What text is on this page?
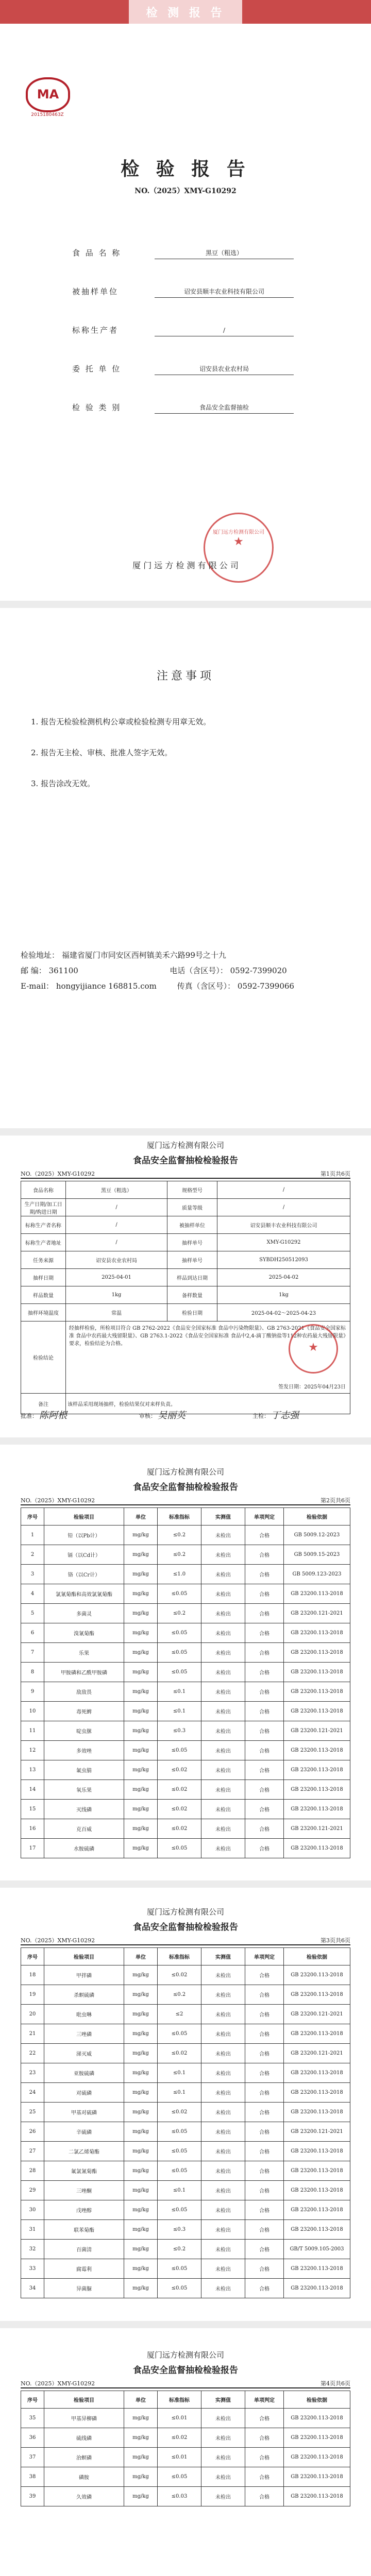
检 测 报 告
MA
2015180463Z
检 验 报 告
NO.（2025）XMY-G10292
食 品 名 称	黑豆（粗选）
被抽样单位	诏安县顺丰农业科技有限公司
标称生产者	/
委 托 单 位	诏安县农业农村局
检 验 类 别	食品安全监督抽检
厦门远方检测有限公司
★
厦 门 远 方 检 测 有 限 公 司
注意事项
1. 报告无检验检测机构公章或检验检测专用章无效。
2. 报告无主检、审核、批准人签字无效。
3. 报告涂改无效。
检验地址： 福建省厦门市同安区西柯镇美禾六路99号之十九
邮 编： 361100	电话（含区号）： 0592-7399020
E-mail： hongyijiance 168815.com	传真（含区号）： 0592-7399066
厦门远方检测有限公司
食品安全监督抽检检验报告
NO.（2025）XMY-G10292	第1页共6页
食品名称	黑豆（粗选）	规格型号	/
生产日期/加工日期/购进日期	/	质量等级	/
标称生产者名称	/	被抽样单位	诏安县顺丰农业科技有限公司
标称生产者地址	/	抽样单号	XMY-G10292
任务来源	诏安县农业农村局	抽样单号	SYBDH250512093
抽样日期	2025-04-01	样品到达日期	2025-04-02
样品数量	1kg	备样数量	1kg
抽样环境温度	常温	检验日期	2025-04-02～2025-04-23
检验结论	经抽样检验，所检项目符合 GB 2762-2022《食品安全国家标准 食品中污染物限量》、GB 2763-2021《食品安全国家标准 食品中农药最大残留限量》、GB 2763.1-2022《食品安全国家标准 食品中2,4-滴丁酸钠盐等112种农药最大残留限量》要求，检验结论为合格。
签发日期：2025年04月23日		

备注	该样品采用现场抽样，检验结果仅对来样负责。		
★
批准： 陈阿根	审核： 吴丽英	主检： 丁志强
厦门远方检测有限公司
食品安全监督抽检检验报告
NO.（2025）XMY-G10292	第2页共6页
序号	检验项目	单位	标准指标	实测值	单项判定	检验依据
1	铅（以Pb计）	mg/kg	≤0.2	未检出	合格	GB 5009.12-2023
2	镉（以Cd计）	mg/kg	≤0.2	未检出	合格	GB 5009.15-2023
3	铬（以Cr计）	mg/kg	≤1.0	未检出	合格	GB 5009.123-2023
4	氯氰菊酯和高效氯氰菊酯	mg/kg	≤0.05	未检出	合格	GB 23200.113-2018
5	多菌灵	mg/kg	≤0.2	未检出	合格	GB 23200.121-2021
6	溴氰菊酯	mg/kg	≤0.05	未检出	合格	GB 23200.113-2018
7	乐果	mg/kg	≤0.05	未检出	合格	GB 23200.113-2018
8	甲胺磷和乙酰甲胺磷	mg/kg	≤0.05	未检出	合格	GB 23200.113-2018
9	敌敌畏	mg/kg	≤0.1	未检出	合格	GB 23200.113-2018
10	毒死蜱	mg/kg	≤0.1	未检出	合格	GB 23200.113-2018
11	啶虫脒	mg/kg	≤0.3	未检出	合格	GB 23200.121-2021
12	多效唑	mg/kg	≤0.05	未检出	合格	GB 23200.113-2018
13	氟虫腈	mg/kg	≤0.02	未检出	合格	GB 23200.113-2018
14	氧乐果	mg/kg	≤0.02	未检出	合格	GB 23200.113-2018
15	灭线磷	mg/kg	≤0.02	未检出	合格	GB 23200.113-2018
16	克百威	mg/kg	≤0.02	未检出	合格	GB 23200.121-2021
17	水胺硫磷	mg/kg	≤0.05	未检出	合格	GB 23200.113-2018
厦门远方检测有限公司
食品安全监督抽检检验报告
NO.（2025）XMY-G10292	第3页共6页
序号	检验项目	单位	标准指标	实测值	单项判定	检验依据
18	甲拌磷	mg/kg	≤0.02	未检出	合格	GB 23200.113-2018
19	杀螟硫磷	mg/kg	≤0.2	未检出	合格	GB 23200.113-2018
20	吡虫啉	mg/kg	≤2	未检出	合格	GB 23200.121-2021
21	三唑磷	mg/kg	≤0.05	未检出	合格	GB 23200.113-2018
22	涕灭威	mg/kg	≤0.02	未检出	合格	GB 23200.121-2021
23	亚胺硫磷	mg/kg	≤0.1	未检出	合格	GB 23200.113-2018
24	对硫磷	mg/kg	≤0.1	未检出	合格	GB 23200.113-2018
25	甲基对硫磷	mg/kg	≤0.02	未检出	合格	GB 23200.113-2018
26	辛硫磷	mg/kg	≤0.05	未检出	合格	GB 23200.121-2021
27	二氯乙烯菊酯	mg/kg	≤0.05	未检出	合格	GB 23200.113-2018
28	氟氯氰菊酯	mg/kg	≤0.05	未检出	合格	GB 23200.113-2018
29	三唑酮	mg/kg	≤0.1	未检出	合格	GB 23200.113-2018
30	戊唑醇	mg/kg	≤0.05	未检出	合格	GB 23200.113-2018
31	联苯菊酯	mg/kg	≤0.3	未检出	合格	GB 23200.113-2018
32	百菌清	mg/kg	≤0.2	未检出	合格	GB/T 5009.105-2003
33	腐霉利	mg/kg	≤0.05	未检出	合格	GB 23200.113-2018
34	异菌脲	mg/kg	≤0.05	未检出	合格	GB 23200.113-2018
厦门远方检测有限公司
食品安全监督抽检检验报告
NO.（2025）XMY-G10292	第4页共6页
序号	检验项目	单位	标准指标	实测值	单项判定	检验依据
35	甲基异柳磷	mg/kg	≤0.01	未检出	合格	GB 23200.113-2018
36	硫线磷	mg/kg	≤0.02	未检出	合格	GB 23200.113-2018
37	治螟磷	mg/kg	≤0.01	未检出	合格	GB 23200.113-2018
38	磷胺	mg/kg	≤0.05	未检出	合格	GB 23200.113-2018
39	久效磷	mg/kg	≤0.03	未检出	合格	GB 23200.113-2018
